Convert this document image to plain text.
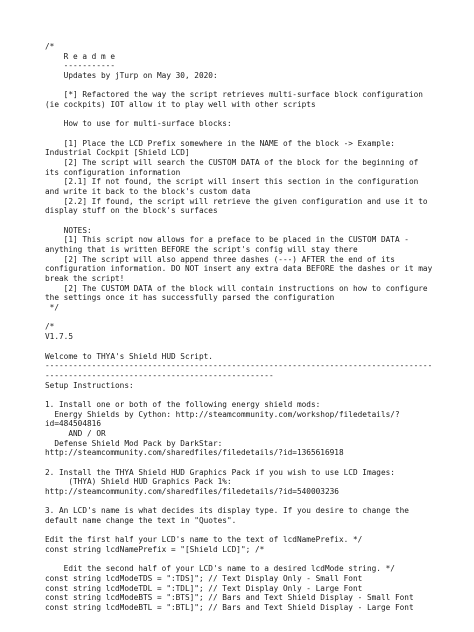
/*
R e a d m e
-----------
Updates by jTurp on May 30, 2020:

[*] Refactored the way the script retrieves multi-surface block configuration
(ie cockpits) IOT allow it to play well with other scripts

How to use for multi-surface blocks:

[1] Place the LCD Prefix somewhere in the NAME of the block -> Example:
Industrial Cockpit [Shield LCD]
[2] The script will search the CUSTOM DATA of the block for the beginning of
its configuration information
[2.1] If not found, the script will insert this section in the configuration
and write it back to the block's custom data
[2.2] If found, the script will retrieve the given configuration and use it to
display stuff on the block's surfaces

NOTES:
[1] This script now allows for a preface to be placed in the CUSTOM DATA -
anything that is written BEFORE the script's config will stay there
[2] The script will also append three dashes (---) AFTER the end of its
configuration information. DO NOT insert any extra data BEFORE the dashes or it may
break the script!
[2] The CUSTOM DATA of the block will contain instructions on how to configure
the settings once it has successfully parsed the configuration
*/

/*
V1.7.5

Welcome to THYA's Shield HUD Script.
-----------------------------------------------------------------------------------
-------------------------------------------------
Setup Instructions:

1. Install one or both of the following energy shield mods:
Energy Shields by Cython: http://steamcommunity.com/workshop/filedetails/?
id=484504816
AND / OR
Defense Shield Mod Pack by DarkStar:
http://steamcommunity.com/sharedfiles/filedetails/?id=1365616918

2. Install the THYA Shield HUD Graphics Pack if you wish to use LCD Images:
(THYA) Shield HUD Graphics Pack 1%:
http://steamcommunity.com/sharedfiles/filedetails/?id=540003236

3. An LCD's name is what decides its display type. If you desire to change the
default name change the text in "Quotes".

Edit the first half your LCD's name to the text of lcdNamePrefix. */
const string lcdNamePrefix = "[Shield LCD]"; /*

Edit the second half of your LCD's name to a desired lcdMode string. */
const string lcdModeTDS = ":TDS]"; // Text Display Only - Small Font
const string lcdModeTDL = ":TDL]"; // Text Display Only - Large Font
const string lcdModeBTS = ":BTS]"; // Bars and Text Shield Display - Small Font
const string lcdModeBTL = ":BTL]"; // Bars and Text Shield Display - Large Font
